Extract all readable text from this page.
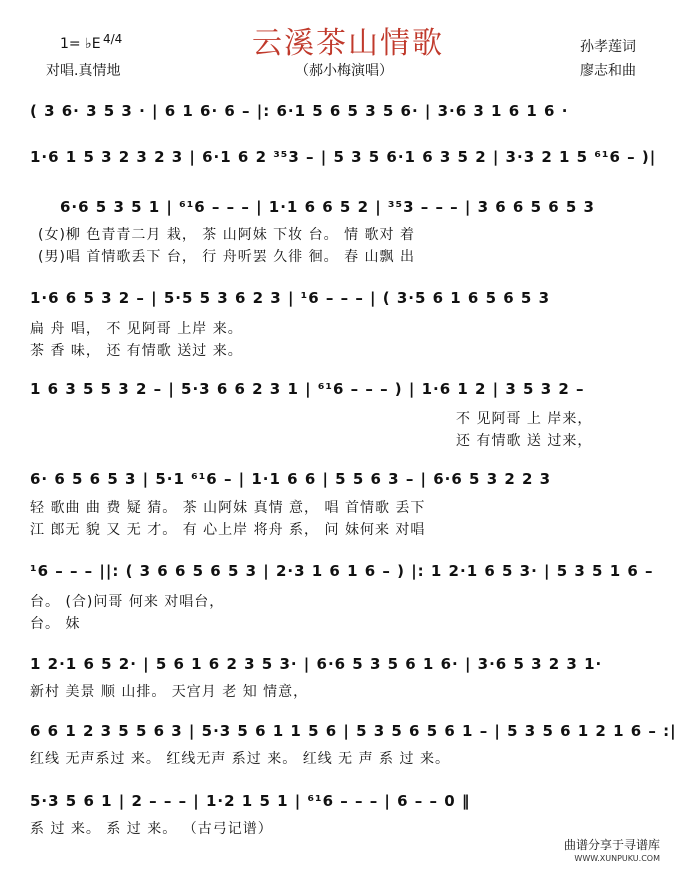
云溪茶山情歌
1= ♭E 4/4
对唱.真情地	（郝小梅演唱）
孙孝莲词
廖志和曲
( 3 6· 3 5 3 · | 6 1 6· 6 – |: 6·1 5 6 5 3 5 6· | 3·6 3 1 6 1 6 ·
1·6 1 5 3 2 3 2 3 | 6·1 6 2 ³⁵3 – | 5 3 5 6·1 6 3 5 2 | 3·3 2 1 5 ⁶¹6 – )|
6·6 5 3 5 1 | ⁶¹6 – – – | 1·1 6 6 5 2 | ³⁵3 – – – | 3 6 6 5 6 5 3
(女)柳 色青青二月 栽， 茶 山阿妹 下妆 台。 情 歌对 着
(男)唱 首情歌丢下 台， 行 舟听罢 久徘 徊。 春 山飘 出
1·6 6 5 3 2 – | 5·5 5 3 6 2 3 | ¹6 – – – | ( 3·5 6 1 6 5 6 5 3
扁 舟 唱， 不 见阿哥 上岸 来。
茶 香 味， 还 有情歌 送过 来。
1 6 3 5 5 3 2 – | 5·3 6 6 2 3 1 | ⁶¹6 – – – ) | 1·6 1 2 | 3 5 3 2 –
不 见阿哥 上 岸来，
还 有情歌 送 过来，
6· 6 5 6 5 3 | 5·1 ⁶¹6 – | 1·1 6 6 | 5 5 6 3 – | 6·6 5 3 2 2 3
轻 歌曲 曲 费 疑 猜。 茶 山阿妹 真情 意， 唱 首情歌 丢下
江 郎无 貌 又 无 才。 有 心上岸 将舟 系， 问 妹何来 对唱
¹6 – – – ||: ( 3 6 6 5 6 5 3 | 2·3 1 6 1 6 – ) |: 1 2·1 6 5 3· | 5 3 5 1 6 –
台。 (合)问哥 何来 对唱台，
台。 妹
1 2·1 6 5 2· | 5 6 1 6 2 3 5 3· | 6·6 5 3 5 6 1 6· | 3·6 5 3 2 3 1·
新村 美景 顺 山排。 天宫月 老 知 情意，
6 6 1 2 3 5 5 6 3 | 5·3 5 6 1 1 5 6 | 5 3 5 6 5 6 1 – | 5 3 5 6 1 2 1 6 – :|
红线 无声系过 来。 红线无声 系过 来。 红线 无 声 系 过 来。
5·3 5 6 1 | 2 – – – | 1·2 1 5 1 | ⁶¹6 – – – | 6 – – 0 ‖
系 过 来。 系 过 来。 （古弓记谱）
曲谱分享于寻谱库
WWW.XUNPUKU.COM
